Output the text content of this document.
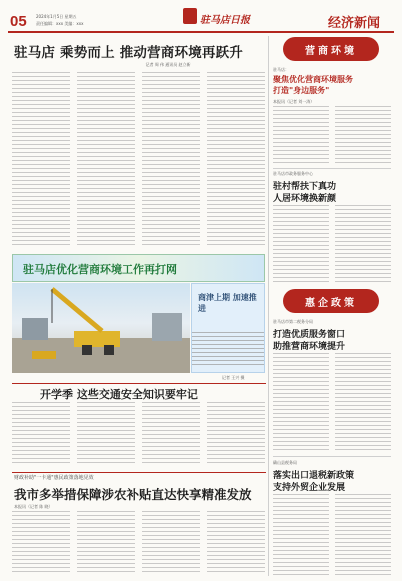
05 2024年1月5日 星期五
责任编辑：xxx 美编：xxx	驻马店日报	经济新闻
驻马店 乘势而上 推动营商环境再跃升
记者 周 伟 通讯员 赵立新
驻马店优化营商环境工作再打网
商津上期 加速推进
记者 王兴 摄
开学季 这些交通安全知识要牢记
财政补助"一卡通"惠民政策落地见效
我市多举措保障涉农补贴直达快享精准发放
本报讯（记者 陈 晓）
营商环境
驻马店：
聚焦优化营商环境服务
打造"身边服务"
本报讯（记者 刘一涛）
驻马店市政务服务中心
驻村帮扶下真功
人居环境换新颜
惠企政策
驻马店市第二税务分局
打造优质服务窗口
助推营商环境提升
确山县税务局
落实出口退税新政策
支持外贸企业发展
